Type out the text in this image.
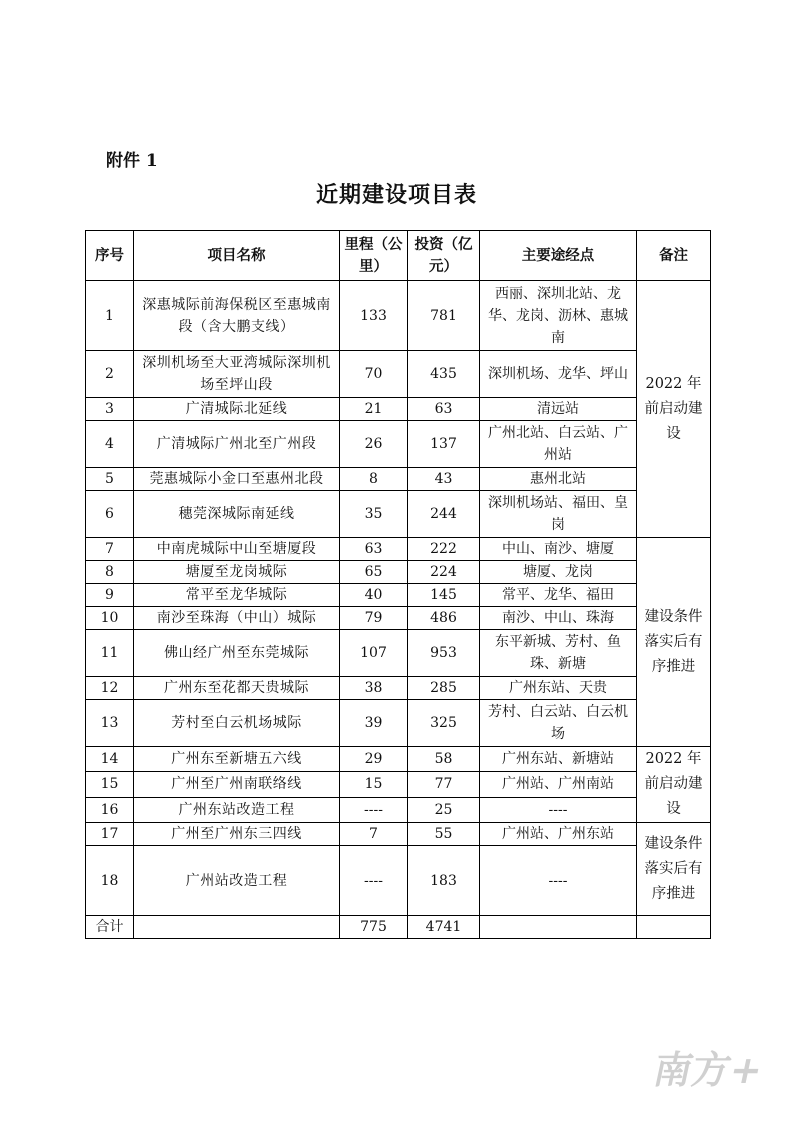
附件 1
近期建设项目表
序号	项目名称	里程（公里）	投资（亿元）	主要途经点	备注
1	深惠城际前海保税区至惠城南段（含大鹏支线）	133	781	西丽、深圳北站、龙华、龙岗、沥林、惠城南	2022 年前启动建设
2	深圳机场至大亚湾城际深圳机场至坪山段	70	435	深圳机场、龙华、坪山	
3	广清城际北延线	21	63	清远站	
4	广清城际广州北至广州段	26	137	广州北站、白云站、广州站	
5	莞惠城际小金口至惠州北段	8	43	惠州北站	
6	穗莞深城际南延线	35	244	深圳机场站、福田、皇岗	
7	中南虎城际中山至塘厦段	63	222	中山、南沙、塘厦	建设条件落实后有序推进
8	塘厦至龙岗城际	65	224	塘厦、龙岗	
9	常平至龙华城际	40	145	常平、龙华、福田	
10	南沙至珠海（中山）城际	79	486	南沙、中山、珠海	
11	佛山经广州至东莞城际	107	953	东平新城、芳村、鱼珠、新塘	
12	广州东至花都天贵城际	38	285	广州东站、天贵	
13	芳村至白云机场城际	39	325	芳村、白云站、白云机场	
14	广州东至新塘五六线	29	58	广州东站、新塘站	2022 年前启动建设
15	广州至广州南联络线	15	77	广州站、广州南站	
16	广州东站改造工程	----	25	----	
17	广州至广州东三四线	7	55	广州站、广州东站	建设条件落实后有序推进
18	广州站改造工程	----	183	----	
合计		775	4741		
南方+
